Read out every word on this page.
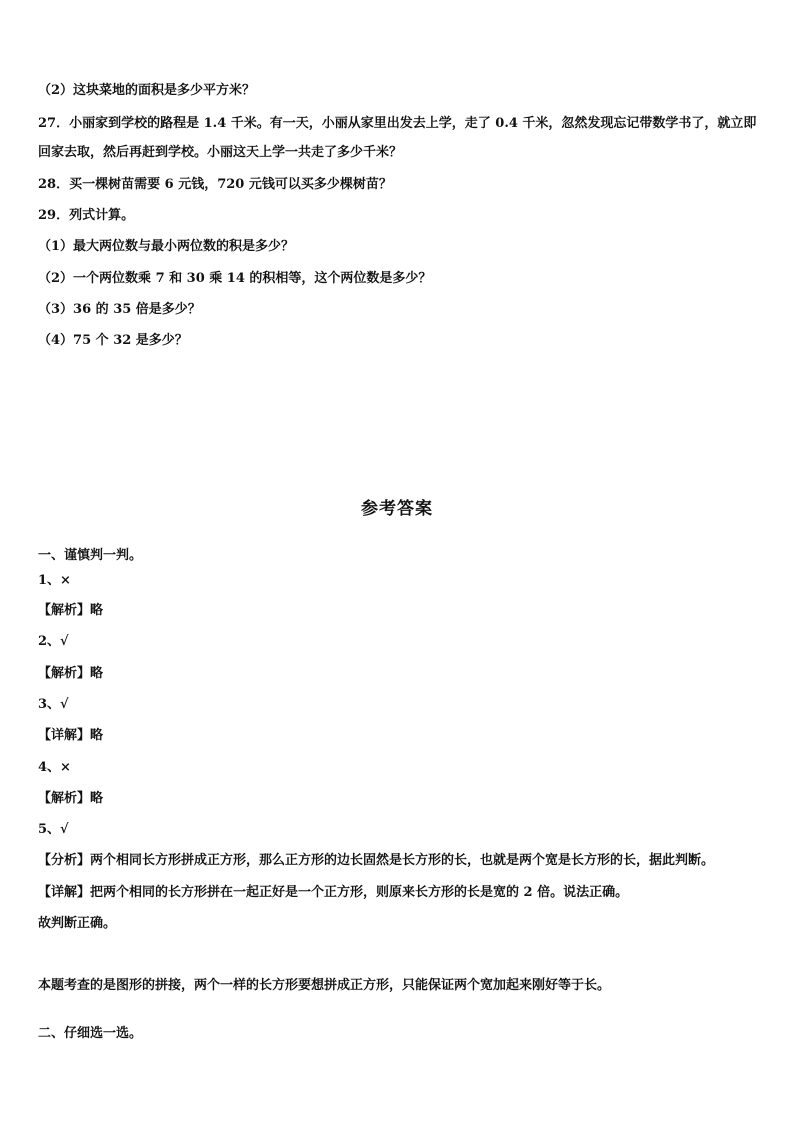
（2）这块菜地的面积是多少平方米？
27．小丽家到学校的路程是 1.4 千米。有一天，小丽从家里出发去上学，走了 0.4 千米，忽然发现忘记带数学书了，就立即回家去取，然后再赶到学校。小丽这天上学一共走了多少千米？
28．买一棵树苗需要 6 元钱，720 元钱可以买多少棵树苗？
29．列式计算。
（1）最大两位数与最小两位数的积是多少？
（2）一个两位数乘 7 和 30 乘 14 的积相等，这个两位数是多少？
（3）36 的 35 倍是多少？
（4）75 个 32 是多少？
参考答案
一、谨慎判一判。
1、×
【解析】略
2、√
【解析】略
3、√
【详解】略
4、×
【解析】略
5、√
【分析】两个相同长方形拼成正方形，那么正方形的边长固然是长方形的长，也就是两个宽是长方形的长，据此判断。
【详解】把两个相同的长方形拼在一起正好是一个正方形，则原来长方形的长是宽的 2 倍。说法正确。
故判断正确。
本题考查的是图形的拼接，两个一样的长方形要想拼成正方形，只能保证两个宽加起来刚好等于长。
二、仔细选一选。
